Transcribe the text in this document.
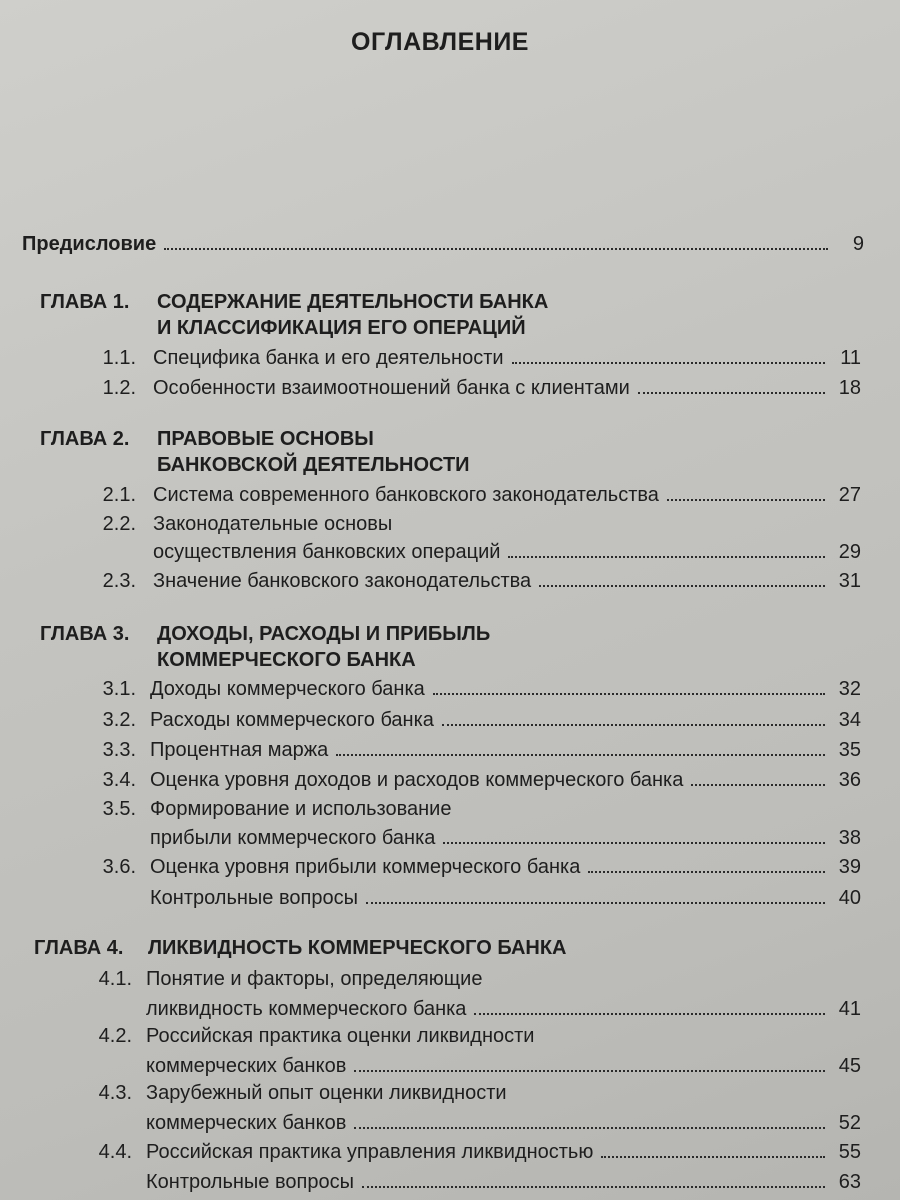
ОГЛАВЛЕНИЕ
Предисловие	9
ГЛАВА 1. СОДЕРЖАНИЕ ДЕЯТЕЛЬНОСТИ БАНКА
И КЛАССИФИКАЦИЯ ЕГО ОПЕРАЦИЙ
1.1. Специфика банка и его деятельности	11
1.2. Особенности взаимоотношений банка с клиентами	18
ГЛАВА 2. ПРАВОВЫЕ ОСНОВЫ
БАНКОВСКОЙ ДЕЯТЕЛЬНОСТИ
2.1. Система современного банковского законодательства	27
2.2. Законодательные основы
осуществления банковских операций	29
2.3. Значение банковского законодательства	31
ГЛАВА 3. ДОХОДЫ, РАСХОДЫ И ПРИБЫЛЬ
КОММЕРЧЕСКОГО БАНКА
3.1. Доходы коммерческого банка	32
3.2. Расходы коммерческого банка	34
3.3. Процентная маржа	35
3.4. Оценка уровня доходов и расходов коммерческого банка	36
3.5. Формирование и использование
прибыли коммерческого банка	38
3.6. Оценка уровня прибыли коммерческого банка	39
Контрольные вопросы	40
ГЛАВА 4. ЛИКВИДНОСТЬ КОММЕРЧЕСКОГО БАНКА
4.1. Понятие и факторы, определяющие
ликвидность коммерческого банка	41
4.2. Российская практика оценки ликвидности
коммерческих банков	45
4.3. Зарубежный опыт оценки ликвидности
коммерческих банков	52
4.4. Российская практика управления ликвидностью	55
Контрольные вопросы	63
